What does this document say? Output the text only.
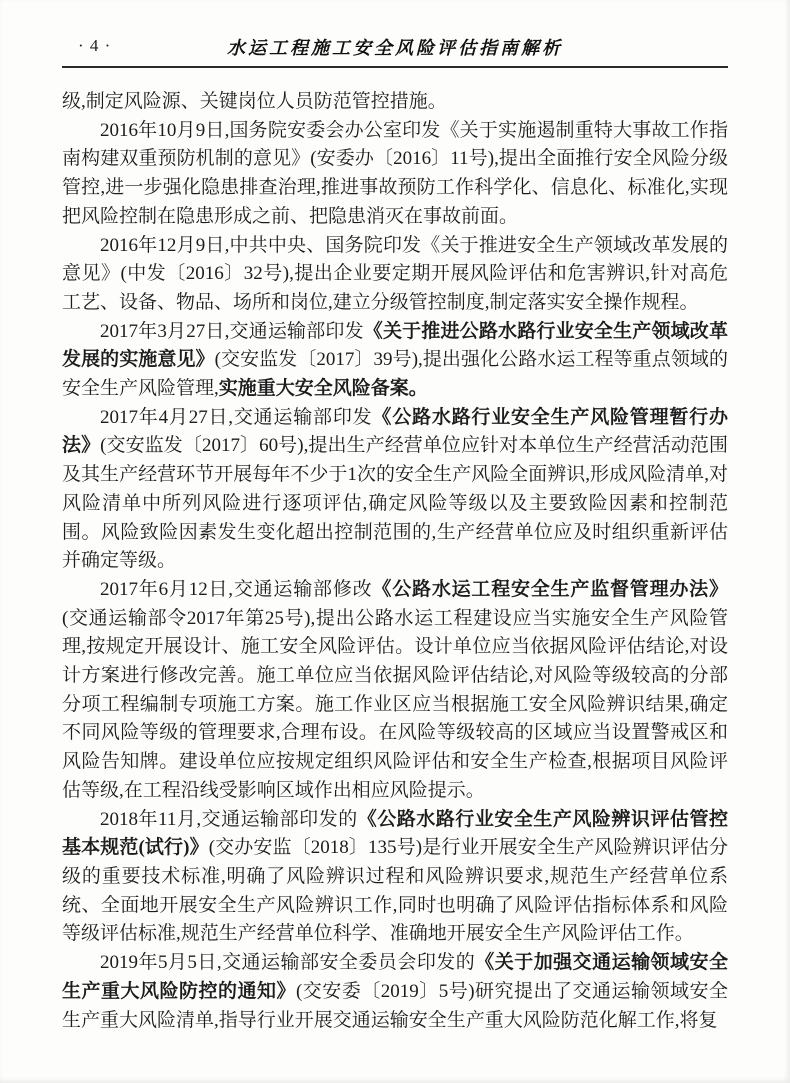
· 4 ·	水运工程施工安全风险评估指南解析

级,制定风险源、关键岗位人员防范管控措施。

2016年10月9日,国务院安委会办公室印发《关于实施遏制重特大事故工作指南构建双重预防机制的意见》(安委办〔2016〕11号),提出全面推行安全风险分级管控,进一步强化隐患排查治理,推进事故预防工作科学化、信息化、标准化,实现把风险控制在隐患形成之前、把隐患消灭在事故前面。

2016年12月9日,中共中央、国务院印发《关于推进安全生产领域改革发展的意见》(中发〔2016〕32号),提出企业要定期开展风险评估和危害辨识,针对高危工艺、设备、物品、场所和岗位,建立分级管控制度,制定落实安全操作规程。

2017年3月27日,交通运输部印发《关于推进公路水路行业安全生产领域改革发展的实施意见》(交安监发〔2017〕39号),提出强化公路水运工程等重点领域的安全生产风险管理,实施重大安全风险备案。

2017年4月27日,交通运输部印发《公路水路行业安全生产风险管理暂行办法》(交安监发〔2017〕60号),提出生产经营单位应针对本单位生产经营活动范围及其生产经营环节开展每年不少于1次的安全生产风险全面辨识,形成风险清单,对风险清单中所列风险进行逐项评估,确定风险等级以及主要致险因素和控制范围。风险致险因素发生变化超出控制范围的,生产经营单位应及时组织重新评估并确定等级。

2017年6月12日,交通运输部修改《公路水运工程安全生产监督管理办法》(交通运输部令2017年第25号),提出公路水运工程建设应当实施安全生产风险管理,按规定开展设计、施工安全风险评估。设计单位应当依据风险评估结论,对设计方案进行修改完善。施工单位应当依据风险评估结论,对风险等级较高的分部分项工程编制专项施工方案。施工作业区应当根据施工安全风险辨识结果,确定不同风险等级的管理要求,合理布设。在风险等级较高的区域应当设置警戒区和风险告知牌。建设单位应按规定组织风险评估和安全生产检查,根据项目风险评估等级,在工程沿线受影响区域作出相应风险提示。

2018年11月,交通运输部印发的《公路水路行业安全生产风险辨识评估管控基本规范(试行)》(交办安监〔2018〕135号)是行业开展安全生产风险辨识评估分级的重要技术标准,明确了风险辨识过程和风险辨识要求,规范生产经营单位系统、全面地开展安全生产风险辨识工作,同时也明确了风险评估指标体系和风险等级评估标准,规范生产经营单位科学、准确地开展安全生产风险评估工作。

2019年5月5日,交通运输部安全委员会印发的《关于加强交通运输领域安全生产重大风险防控的通知》(交安委〔2019〕5号)研究提出了交通运输领域安全生产重大风险清单,指导行业开展交通运输安全生产重大风险防范化解工作,将复
